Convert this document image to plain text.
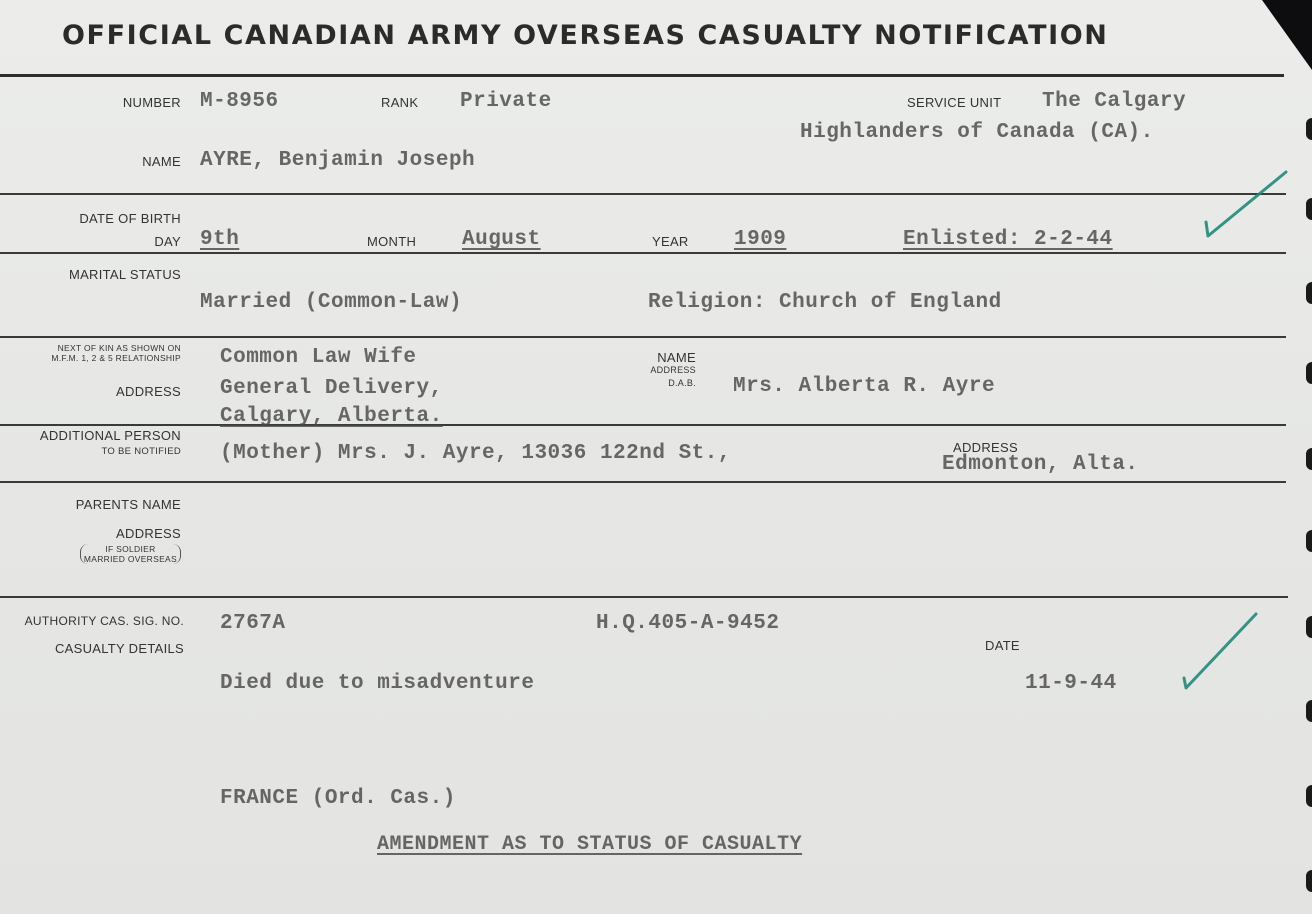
OFFICIAL CANADIAN ARMY OVERSEAS CASUALTY NOTIFICATION
NUMBER M-8956	RANK Private	SERVICE UNIT The Calgary
Highlanders of Canada (CA).
NAME AYRE, Benjamin Joseph
DATE OF BIRTH
DAY 9th	MONTH August	YEAR 1909	Enlisted: 2-2-44
MARITAL STATUS
Married (Common-Law)	Religion: Church of England
NEXT OF KIN AS SHOWN ON
M.F.M. 1, 2 & 5 RELATIONSHIP Common Law Wife
ADDRESS General Delivery,
Calgary, Alberta.
NAME
ADDRESS
D.A.B. Mrs. Alberta R. Ayre
ADDITIONAL PERSON
TO BE NOTIFIED (Mother) Mrs. J. Ayre, 13036 122nd St.,	ADDRESS
Edmonton, Alta.
PARENTS NAME
ADDRESS
IF SOLDIER
MARRIED OVERSEAS
AUTHORITY CAS. SIG. NO. 2767A	H.Q.405-A-9452
CASUALTY DETAILS	DATE
Died due to misadventure	11-9-44
FRANCE (Ord. Cas.)
AMENDMENT AS TO STATUS OF CASUALTY
